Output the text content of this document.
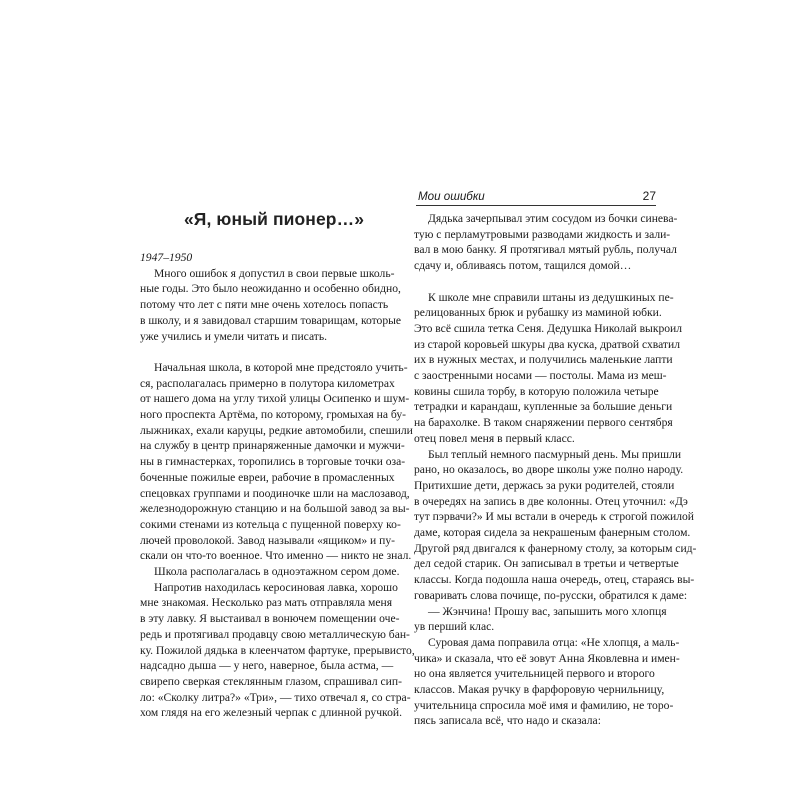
«Я, юный пионер…»
1947–1950
Много ошибок я допустил в свои первые школь-
ные годы. Это было неожиданно и особенно обидно,
потому что лет с пяти мне очень хотелось попасть
в школу, и я завидовал старшим товарищам, которые
уже учились и умели читать и писать.
Начальная школа, в которой мне предстояло учить-
ся, располагалась примерно в полутора километрах
от нашего дома на углу тихой улицы Осипенко и шум-
ного проспекта Артёма, по которому, громыхая на бу-
лыжниках, ехали каруцы, редкие автомобили, спешили
на службу в центр принаряженные дамочки и мужчи-
ны в гимнастерках, торопились в торговые точки оза-
боченные пожилые евреи, рабочие в промасленных
спецовках группами и поодиночке шли на маслозавод,
железнодорожную станцию и на большой завод за вы-
сокими стенами из котельца с пущенной поверху ко-
лючей проволокой. Завод называли «ящиком» и пу-
скали он что-то военное. Что именно — никто не знал.
Школа располагалась в одноэтажном сером доме.
Напротив находилась керосиновая лавка, хорошо
мне знакомая. Несколько раз мать отправляла меня
в эту лавку. Я выстаивал в вонючем помещении оче-
редь и протягивал продавцу свою металлическую бан-
ку. Пожилой дядька в клеенчатом фартуке, прерывисто,
надсадно дыша — у него, наверное, была астма, —
свирепо сверкая стеклянным глазом, спрашивал сип-
ло: «Сколку литра?» «Три», — тихо отвечал я, со стра-
хом глядя на его железный черпак с длинной ручкой.
Мои ошибки	27
Дядька зачерпывал этим сосудом из бочки синева-
тую с перламутровыми разводами жидкость и зали-
вал в мою банку. Я протягивал мятый рубль, получал
сдачу и, обливаясь потом, тащился домой…
К школе мне справили штаны из дедушкиных пе-
релицованных брюк и рубашку из маминой юбки.
Это всё сшила тетка Сеня. Дедушка Николай выкроил
из старой коровьей шкуры два куска, дратвой схватил
их в нужных местах, и получились маленькие лапти
с заостренными носами — постолы. Мама из меш-
ковины сшила торбу, в которую положила четыре
тетрадки и карандаш, купленные за большие деньги
на барахолке. В таком снаряжении первого сентября
отец повел меня в первый класс.
Был теплый немного пасмурный день. Мы пришли
рано, но оказалось, во дворе школы уже полно народу.
Притихшие дети, держась за руки родителей, стояли
в очередях на запись в две колонны. Отец уточнил: «Дэ
тут пэрвачи?» И мы встали в очередь к строгой пожилой
даме, которая сидела за некрашеным фанерным столом.
Другой ряд двигался к фанерному столу, за которым сид-
дел седой старик. Он записывал в третьи и четвертые
классы. Когда подошла наша очередь, отец, стараясь вы-
говаривать слова почище, по-русски, обратился к даме:
— Жэнчина! Прошу вас, запышить мого хлопця
ув перший клас.
Суровая дама поправила отца: «Не хлопця, а маль-
чика» и сказала, что её зовут Анна Яковлевна и имен-
но она является учительницей первого и второго
классов. Макая ручку в фарфоровую чернильницу,
учительница спросила моё имя и фамилию, не торо-
пясь записала всё, что надо и сказала:
